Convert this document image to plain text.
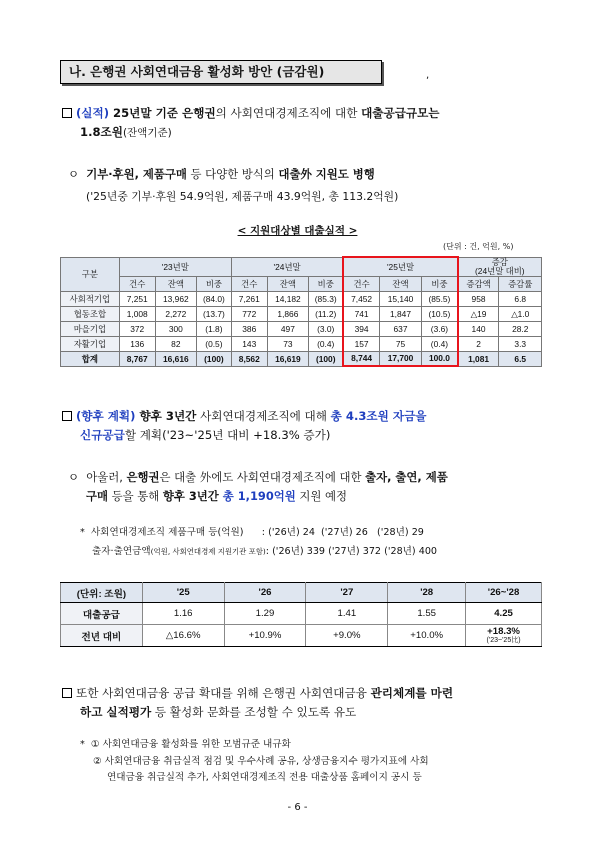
나. 은행권 사회연대금융 활성화 방안 (금감원)	,
(실적) 25년말 기준 은행권의 사회연대경제조직에 대한 대출공급규모는
1.8조원(잔액기준)
ㅇ 기부·후원, 제품구매 등 다양한 방식의 대출外 지원도 병행
('25년중 기부·후원 54.9억원, 제품구매 43.9억원, 총 113.2억원)
< 지원대상별 대출실적 >
(단위 : 건, 억원, %)
구분	'23년말			'24년말			'25년말			증감
(24년말 대비)	
	건수	잔액	비중	건수	잔액	비중	건수	잔액	비중	증감액	증감률
사회적기업	7,251	13,962	(84.0)	7,261	14,182	(85.3)	7,452	15,140	(85.5)	958	6.8
협동조합	1,008	2,272	(13.7)	772	1,866	(11.2)	741	1,847	(10.5)	△19	△1.0
마을기업	372	300	(1.8)	386	497	(3.0)	394	637	(3.6)	140	28.2
자활기업	136	82	(0.5)	143	73	(0.4)	157	75	(0.4)	2	3.3
합계	8,767	16,616	(100)	8,562	16,619	(100)	8,744	17,700	100.0	1,081	6.5
(향후 계획) 향후 3년간 사회연대경제조직에 대해 총 4.3조원 자금을
신규공급할 계획('23~'25년 대비 +18.3% 증가)
ㅇ 아울러, 은행권은 대출 外에도 사회연대경제조직에 대한 출자, 출연, 제품
구매 등을 통해 향후 3년간 총 1,190억원 지원 예정
* 사회연대경제조직 제품구매 등(억원)      : ('26년) 24  ('27년) 26   ('28년) 29
출자·출연금액(억원, 사회연대경제 지원기관 포함): ('26년) 339 ('27년) 372 ('28년) 400
(단위: 조원)	'25	'26	'27	'28	'26~'28
대출공급	1.16	1.29	1.41	1.55	4.25
전년 대비	△16.6%	+10.9%	+9.0%	+10.0%	+18.3%
('23~'25比)
또한 사회연대금융 공급 확대를 위해 은행권 사회연대금융 관리체계를 마련
하고 실적평가 등 활성화 문화를 조성할 수 있도록 유도
* ① 사회연대금융 활성화를 위한 모범규준 내규화
② 사회연대금융 취급실적 점검 및 우수사례 공유, 상생금융지수 평가지표에 사회
연대금융 취급실적 추가, 사회연대경제조직 전용 대출상품 홈페이지 공시 등
- 6 -
